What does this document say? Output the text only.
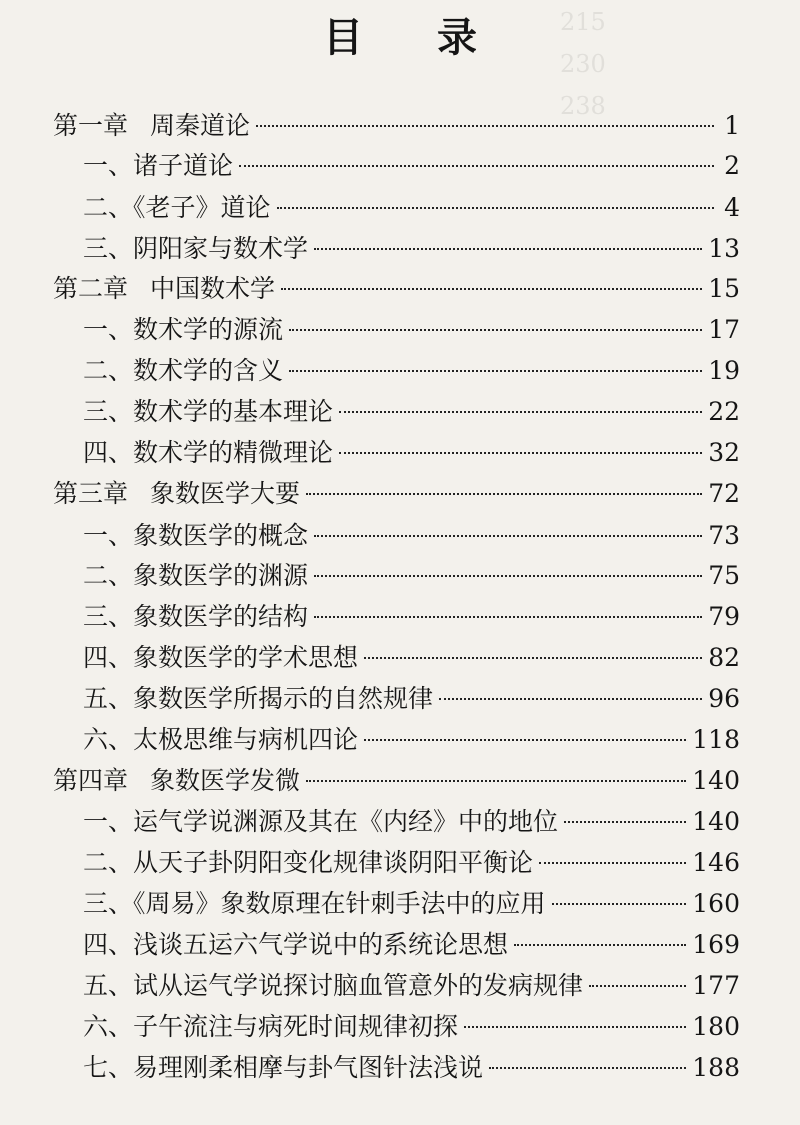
215
230
238
目 录
第一章 周秦道论	1
一、诸子道论	2
二、《老子》道论	4
三、阴阳家与数术学	13
第二章 中国数术学	15
一、数术学的源流	17
二、数术学的含义	19
三、数术学的基本理论	22
四、数术学的精微理论	32
第三章 象数医学大要	72
一、象数医学的概念	73
二、象数医学的渊源	75
三、象数医学的结构	79
四、象数医学的学术思想	82
五、象数医学所揭示的自然规律	96
六、太极思维与病机四论	118
第四章 象数医学发微	140
一、运气学说渊源及其在《内经》中的地位	140
二、从天子卦阴阳变化规律谈阴阳平衡论	146
三、《周易》象数原理在针刺手法中的应用	160
四、浅谈五运六气学说中的系统论思想	169
五、试从运气学说探讨脑血管意外的发病规律	177
六、子午流注与病死时间规律初探	180
七、易理刚柔相摩与卦气图针法浅说	188
